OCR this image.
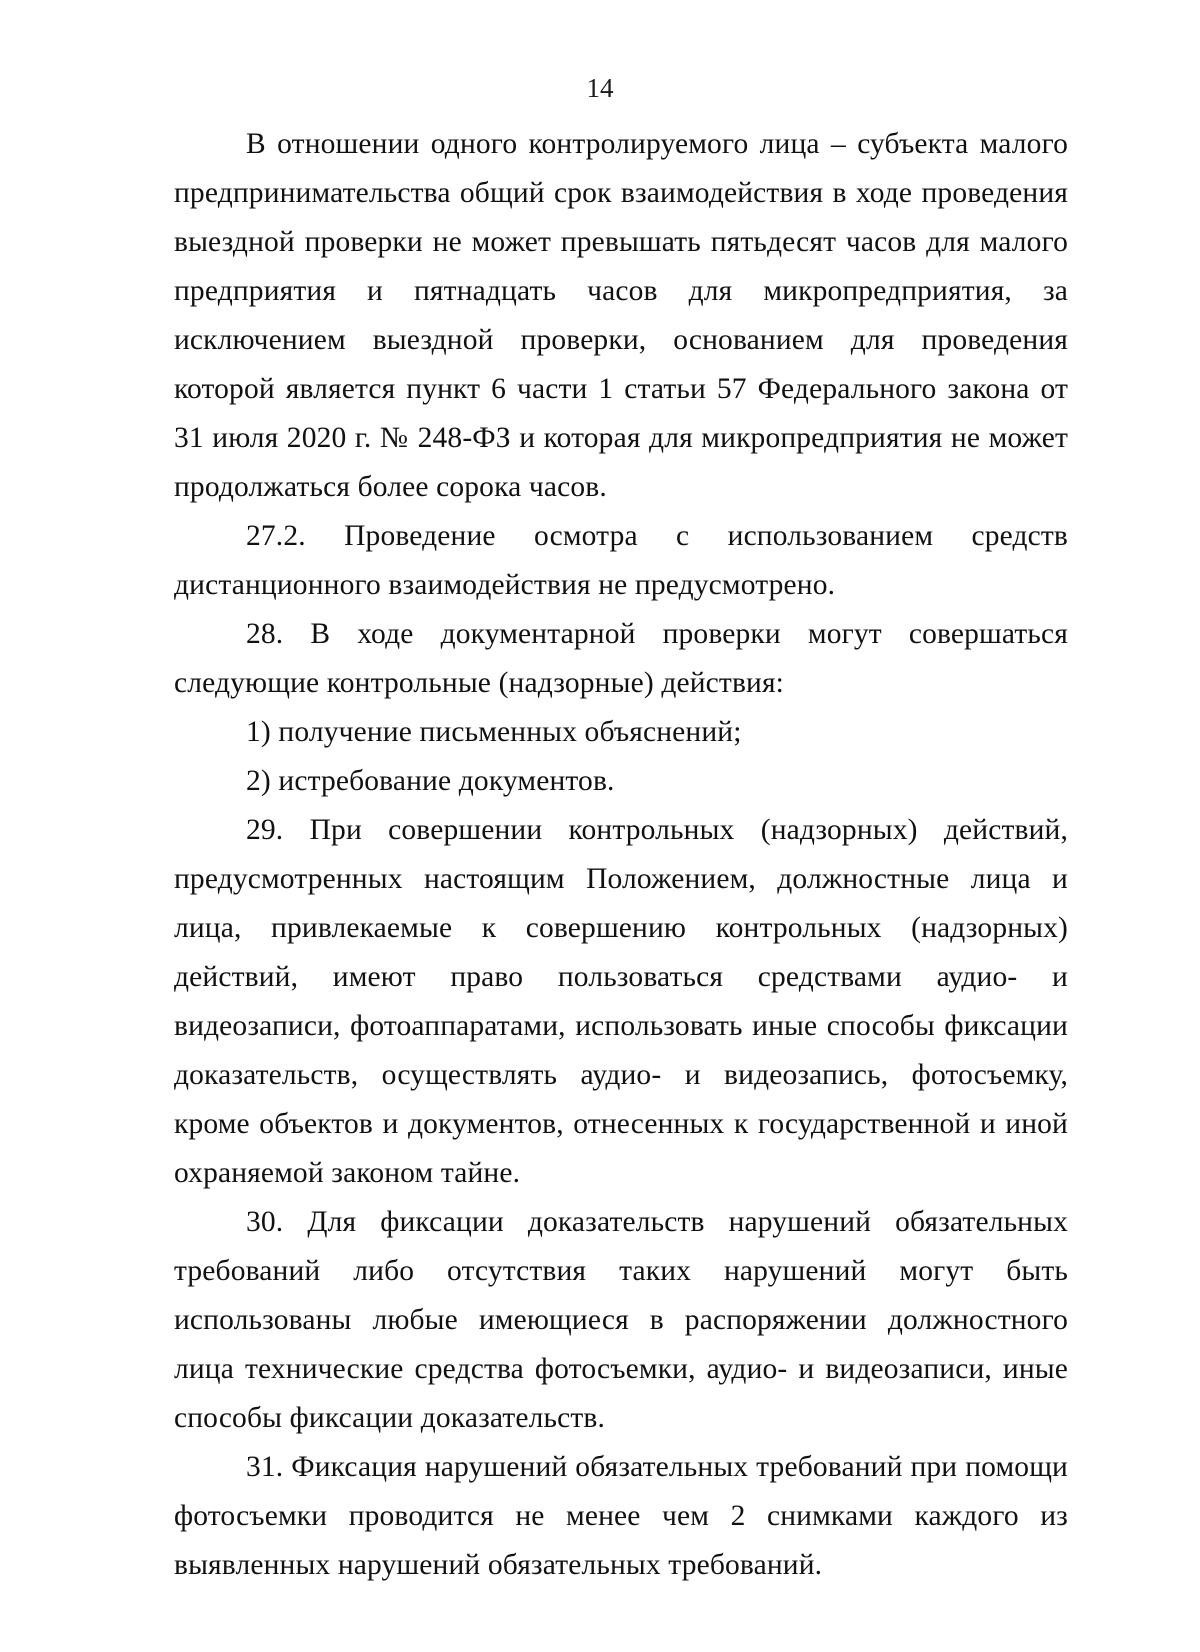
14

В отношении одного контролируемого лица – субъекта малого предпринимательства общий срок взаимодействия в ходе проведения выездной проверки не может превышать пятьдесят часов для малого предприятия и пятнадцать часов для микропредприятия, за исключением выездной проверки, основанием для проведения которой является пункт 6 части 1 статьи 57 Федерального закона от 31 июля 2020 г. № 248-ФЗ и которая для микропредприятия не может продолжаться более сорока часов.

27.2. Проведение осмотра с использованием средств дистанционного взаимодействия не предусмотрено.

28. В ходе документарной проверки могут совершаться следующие контрольные (надзорные) действия:

1) получение письменных объяснений;

2) истребование документов.

29. При совершении контрольных (надзорных) действий, предусмотренных настоящим Положением, должностные лица и лица, привлекаемые к совершению контрольных (надзорных) действий, имеют право пользоваться средствами аудио- и видеозаписи, фотоаппаратами, использовать иные способы фиксации доказательств, осуществлять аудио- и видеозапись, фотосъемку, кроме объектов и документов, отнесенных к государственной и иной охраняемой законом тайне.

30. Для фиксации доказательств нарушений обязательных требований либо отсутствия таких нарушений могут быть использованы любые имеющиеся в распоряжении должностного лица технические средства фотосъемки, аудио- и видеозаписи, иные способы фиксации доказательств.

31. Фиксация нарушений обязательных требований при помощи фотосъемки проводится не менее чем 2 снимками каждого из выявленных нарушений обязательных требований.
